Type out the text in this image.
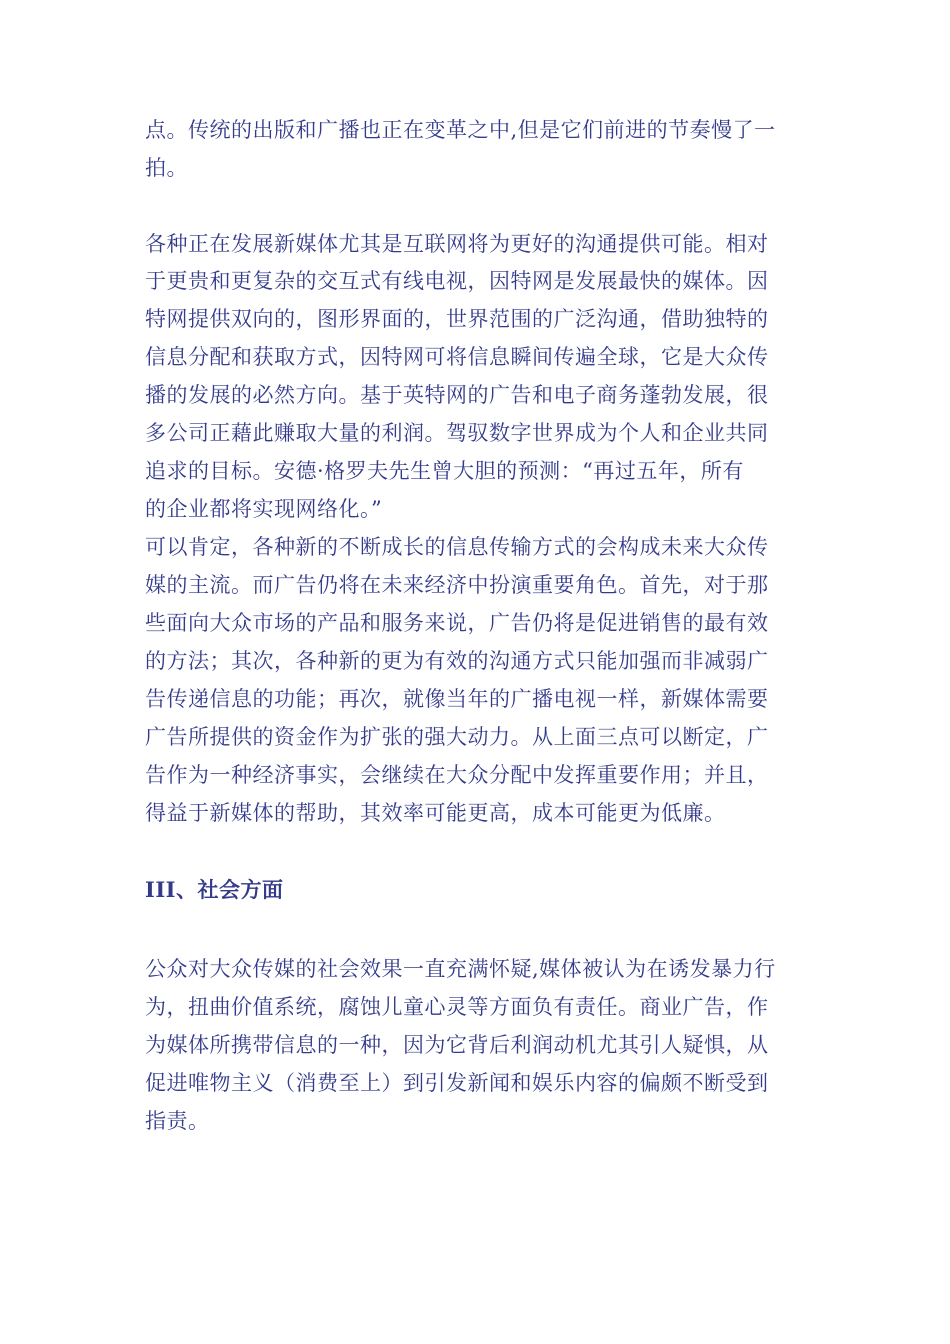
点。传统的出版和广播也正在变革之中,但是它们前进的节奏慢了一
拍。
各种正在发展新媒体尤其是互联网将为更好的沟通提供可能。相对
于更贵和更复杂的交互式有线电视，因特网是发展最快的媒体。因
特网提供双向的，图形界面的，世界范围的广泛沟通，借助独特的
信息分配和获取方式，因特网可将信息瞬间传遍全球，它是大众传
播的发展的必然方向。基于英特网的广告和电子商务蓬勃发展，很
多公司正藉此赚取大量的利润。驾驭数字世界成为个人和企业共同
追求的目标。安德·格罗夫先生曾大胆的预测：“再过五年，所有
的企业都将实现网络化。”
可以肯定，各种新的不断成长的信息传输方式的会构成未来大众传
媒的主流。而广告仍将在未来经济中扮演重要角色。首先，对于那
些面向大众市场的产品和服务来说，广告仍将是促进销售的最有效
的方法；其次，各种新的更为有效的沟通方式只能加强而非减弱广
告传递信息的功能；再次，就像当年的广播电视一样，新媒体需要
广告所提供的资金作为扩张的强大动力。从上面三点可以断定，广
告作为一种经济事实，会继续在大众分配中发挥重要作用；并且，
得益于新媒体的帮助，其效率可能更高，成本可能更为低廉。
III、社会方面
公众对大众传媒的社会效果一直充满怀疑,媒体被认为在诱发暴力行
为，扭曲价值系统，腐蚀儿童心灵等方面负有责任。商业广告，作
为媒体所携带信息的一种，因为它背后利润动机尤其引人疑惧，从
促进唯物主义（消费至上）到引发新闻和娱乐内容的偏颇不断受到
指责。
